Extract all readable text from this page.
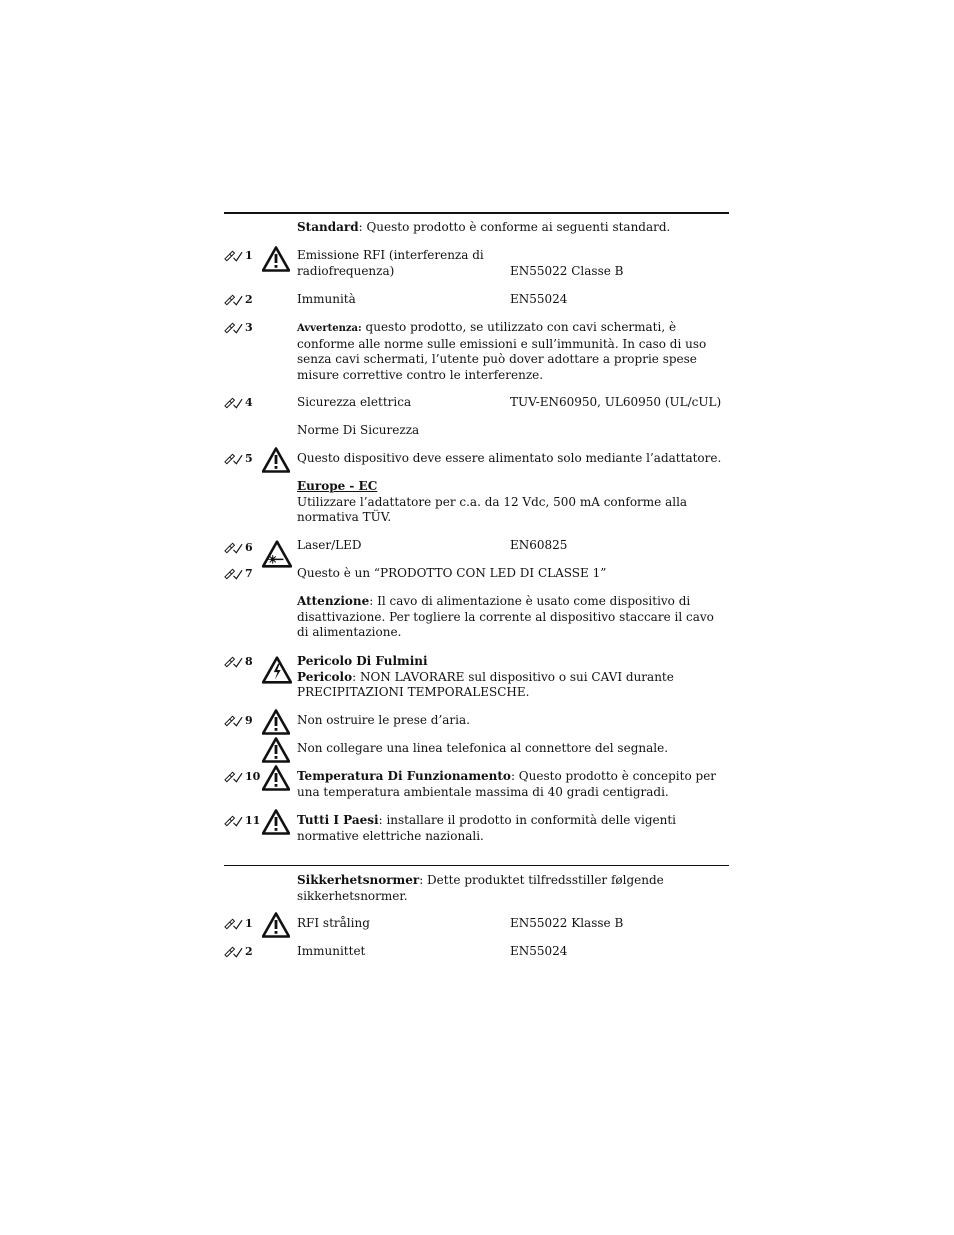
Standard: Questo prodotto è conforme ai seguenti standard.
1	Emissione RFI (interferenza di radiofrequenza)	EN55022 Classe B
2	Immunità	EN55024
3	Avvertenza: questo prodotto, se utilizzato con cavi schermati, è conforme alle norme sulle emissioni e sull’immunità. In caso di uso senza cavi schermati, l’utente può dover adottare a proprie spese misure correttive contro le interferenze.
4	Sicurezza elettrica	TUV-EN60950, UL60950 (UL/cUL)
Norme Di Sicurezza
5	Questo dispositivo deve essere alimentato solo mediante l’adattatore.
Europe - EC
Utilizzare l’adattatore per c.a. da 12 Vdc, 500 mA conforme alla normativa TÜV.
6	Laser/LED	EN60825
7	Questo è un “PRODOTTO CON LED DI CLASSE 1”
Attenzione: Il cavo di alimentazione è usato come dispositivo di disattivazione. Per togliere la corrente al dispositivo staccare il cavo di alimentazione.
8	Pericolo Di Fulmini
Pericolo: NON LAVORARE sul dispositivo o sui CAVI durante PRECIPITAZIONI TEMPORALESCHE.
9	Non ostruire le prese d’aria.
Non collegare una linea telefonica al connettore del segnale.
10	Temperatura Di Funzionamento: Questo prodotto è concepito per una temperatura ambientale massima di 40 gradi centigradi.
11	Tutti I Paesi: installare il prodotto in conformità delle vigenti normative elettriche nazionali.
Sikkerhetsnormer: Dette produktet tilfredsstiller følgende sikkerhetsnormer.
1	RFI stråling	EN55022 Klasse B
2	Immunittet	EN55024
